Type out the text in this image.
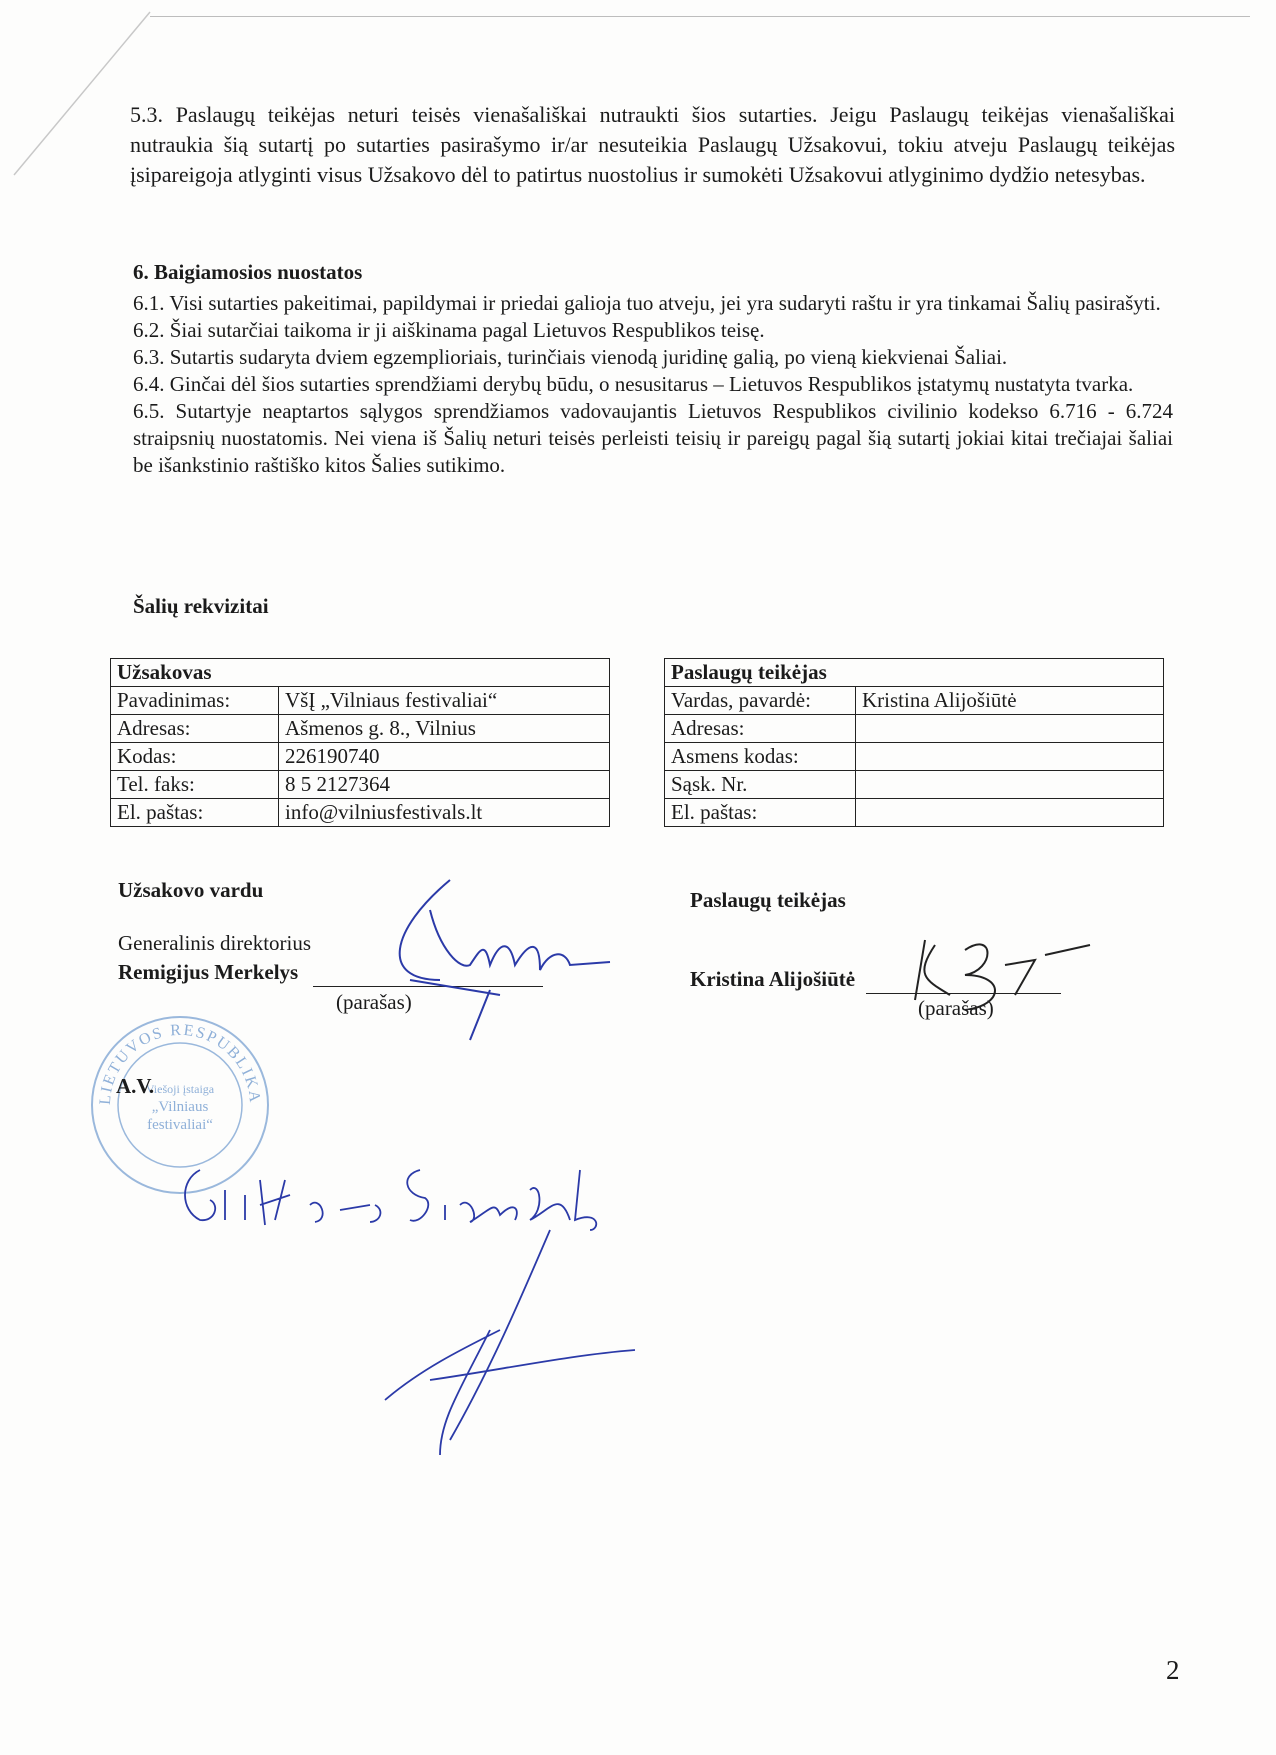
5.3. Paslaugų teikėjas neturi teisės vienašališkai nutraukti šios sutarties. Jeigu Paslaugų teikėjas vienašališkai nutraukia šią sutartį po sutarties pasirašymo ir/ar nesuteikia Paslaugų Užsakovui, tokiu atveju Paslaugų teikėjas įsipareigoja atlyginti visus Užsakovo dėl to patirtus nuostolius ir sumokėti Užsakovui atlyginimo dydžio netesybas.
6. Baigiamosios nuostatos

6.1. Visi sutarties pakeitimai, papildymai ir priedai galioja tuo atveju, jei yra sudaryti raštu ir yra tinkamai Šalių pasirašyti.

6.2. Šiai sutarčiai taikoma ir ji aiškinama pagal Lietuvos Respublikos teisę.

6.3. Sutartis sudaryta dviem egzemplioriais, turinčiais vienodą juridinę galią, po vieną kiekvienai Šaliai.

6.4. Ginčai dėl šios sutarties sprendžiami derybų būdu, o nesusitarus – Lietuvos Respublikos įstatymų nustatyta tvarka.

6.5. Sutartyje neaptartos sąlygos sprendžiamos vadovaujantis Lietuvos Respublikos civilinio kodekso 6.716 - 6.724 straipsnių nuostatomis. Nei viena iš Šalių neturi teisės perleisti teisių ir pareigų pagal šią sutartį jokiai kitai trečiajai šaliai be išankstinio raštiško kitos Šalies sutikimo.

Šalių rekvizitai
Užsakovas	
Pavadinimas:	VšĮ „Vilniaus festivaliai“
Adresas:	Ašmenos g. 8., Vilnius
Kodas:	226190740
Tel. faks:	8 5 2127364
El. paštas:	info@vilniusfestivals.lt
Paslaugų teikėjas	
Vardas, pavardė:	Kristina Alijošiūtė
Adresas:	
Asmens kodas:	
Sąsk. Nr.	
El. paštas:	
Užsakovo vardu
Generalinis direktorius
Remigijus Merkelys
(parašas)
Paslaugų teikėjas
Kristina Alijošiūtė
(parašas)
LIETUVOS RESPUBLIKA
Viešoji įstaiga
„Vilniaus
festivaliai“
A.V.
2
